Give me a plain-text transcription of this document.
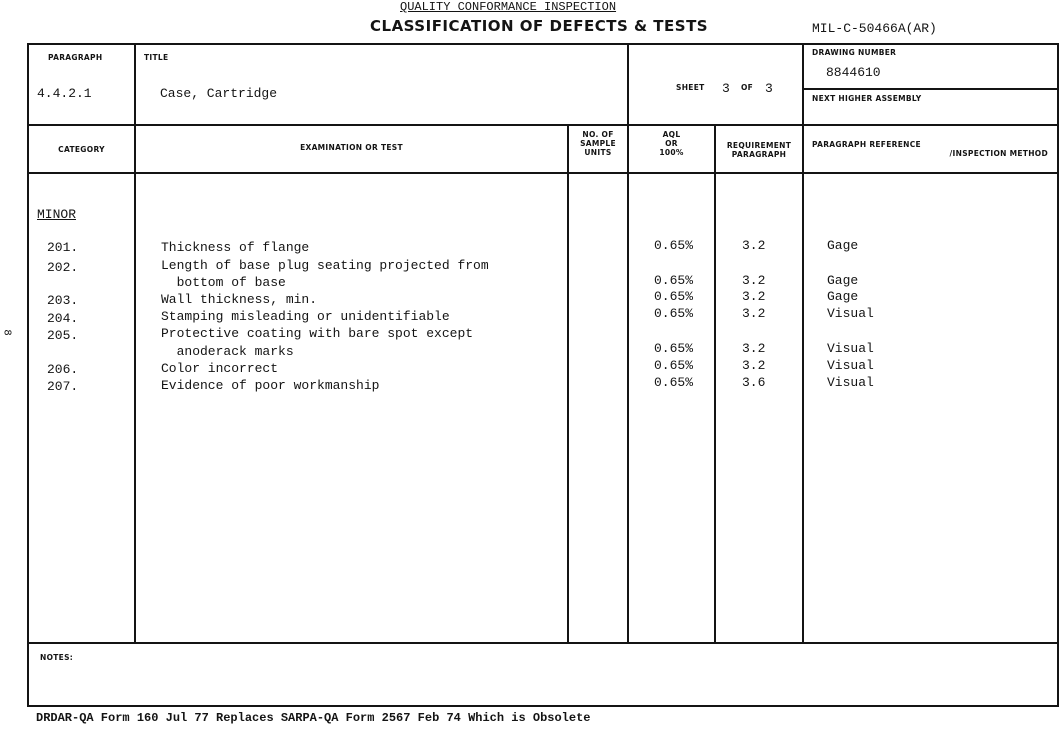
QUALITY CONFORMANCE INSPECTION
CLASSIFICATION OF DEFECTS & TESTS	MIL-C-50466A(AR)
8
PARAGRAPH
4.4.2.1
TITLE
Case, Cartridge	SHEET 3 OF 3
DRAWING NUMBER
8844610
NEXT HIGHER ASSEMBLY
CATEGORY	EXAMINATION OR TEST
NO. OF
SAMPLE
UNITS
AQL
OR
100%
REQUIREMENT
PARAGRAPH
PARAGRAPH REFERENCE
/INSPECTION METHOD
MINOR
201.	Thickness of flange	0.65%	3.2	Gage
202.	Length of base plug seating projected from
bottom of base	0.65%	3.2	Gage
203.	Wall thickness, min.	0.65%	3.2	Gage
204.	Stamping misleading or unidentifiable	0.65%	3.2	Visual
205.	Protective coating with bare spot except
anoderack marks	0.65%	3.2	Visual
206.	Color incorrect	0.65%	3.2	Visual
207.	Evidence of poor workmanship	0.65%	3.6	Visual
NOTES:
DRDAR-QA Form 160 Jul 77 Replaces SARPA-QA Form 2567 Feb 74 Which is Obsolete
